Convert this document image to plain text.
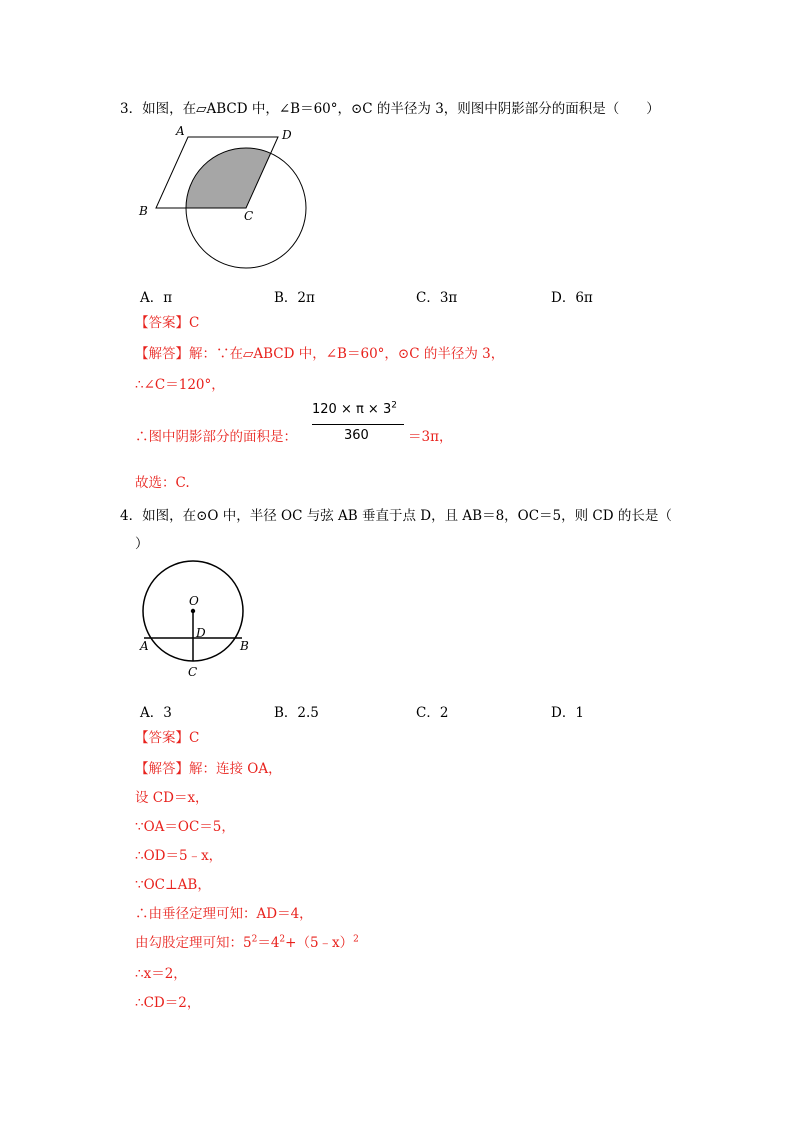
3．如图，在▱ABCD 中，∠B＝60°，⊙C 的半径为 3，则图中阴影部分的面积是（　　）
A	D
B	C
A．π	B．2π	C．3π	D．6π
【答案】C
【解答】解：∵在▱ABCD 中，∠B＝60°，⊙C 的半径为 3，
∴∠C＝120°，
∴图中阴影部分的面积是：
$120 \times \pi \times 3^2$
360	＝3π，
故选：C.
4．如图，在⊙O 中，半径 OC 与弦 AB 垂直于点 D，且 AB＝8，OC＝5，则 CD 的长是（
）
O
D
A	B
C
A．3	B．2.5	C．2	D．1
【答案】C
【解答】解：连接 OA，
设 CD＝x，
∵OA＝OC＝5，
∴OD＝5﹣x，
∵OC⊥AB，
∴由垂径定理可知：AD＝4，
由勾股定理可知：$5^2=4^2+(5﹣x)^2$
∴x＝2，
∴CD＝2，
